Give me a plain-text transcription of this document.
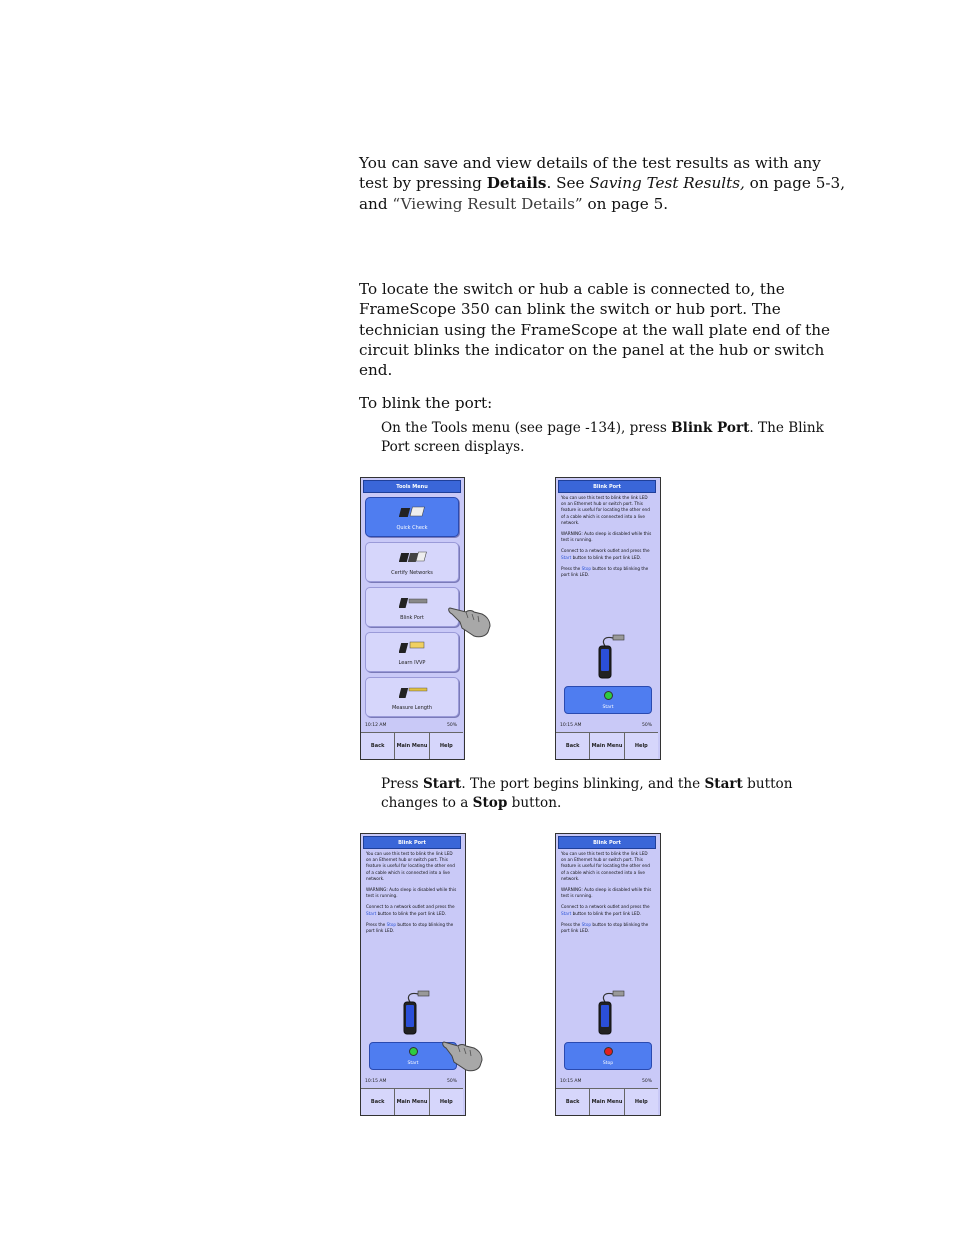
You can save and view details of the test results as with any test by pressing Details. See Saving Test Results, on page 5-3, and “Viewing Result Details” on page 5.

To locate the switch or hub a cable is connected to, the FrameScope 350 can blink the switch or hub port. The technician using the FrameScope at the wall plate end of the circuit blinks the indicator on the panel at the hub or switch end.

To blink the port:

On the Tools menu (see page -134), press Blink Port. The Blink Port screen displays.

Press Start. The port begins blinking, and the Start button changes to a Stop button.

Tools Menu
Quick Check
Certify Networks
Blink Port
Learn IVVP
Measure Length
10:12 AM	50%
Back Main Menu Help
Blink Port

You can use this test to blink the link LED on an Ethernet hub or switch port. This feature is useful for locating the other end of a cable which is connected into a live network.

WARNING: Auto sleep is disabled while this test is running.

Connect to a network outlet and press the Start button to blink the port link LED.

Press the Stop button to stop blinking the port link LED.

Start
10:15 AM	50%
Back Main Menu Help
Blink Port

You can use this test to blink the link LED on an Ethernet hub or switch port. This feature is useful for locating the other end of a cable which is connected into a live network.

WARNING: Auto sleep is disabled while this test is running.

Connect to a network outlet and press the Start button to blink the port link LED.

Press the Stop button to stop blinking the port link LED.

Start
10:15 AM	50%
Back Main Menu Help
Blink Port

You can use this test to blink the link LED on an Ethernet hub or switch port. This feature is useful for locating the other end of a cable which is connected into a live network.

WARNING: Auto sleep is disabled while this test is running.

Connect to a network outlet and press the Start button to blink the port link LED.

Press the Stop button to stop blinking the port link LED.

Stop
10:15 AM	50%
Back Main Menu Help
